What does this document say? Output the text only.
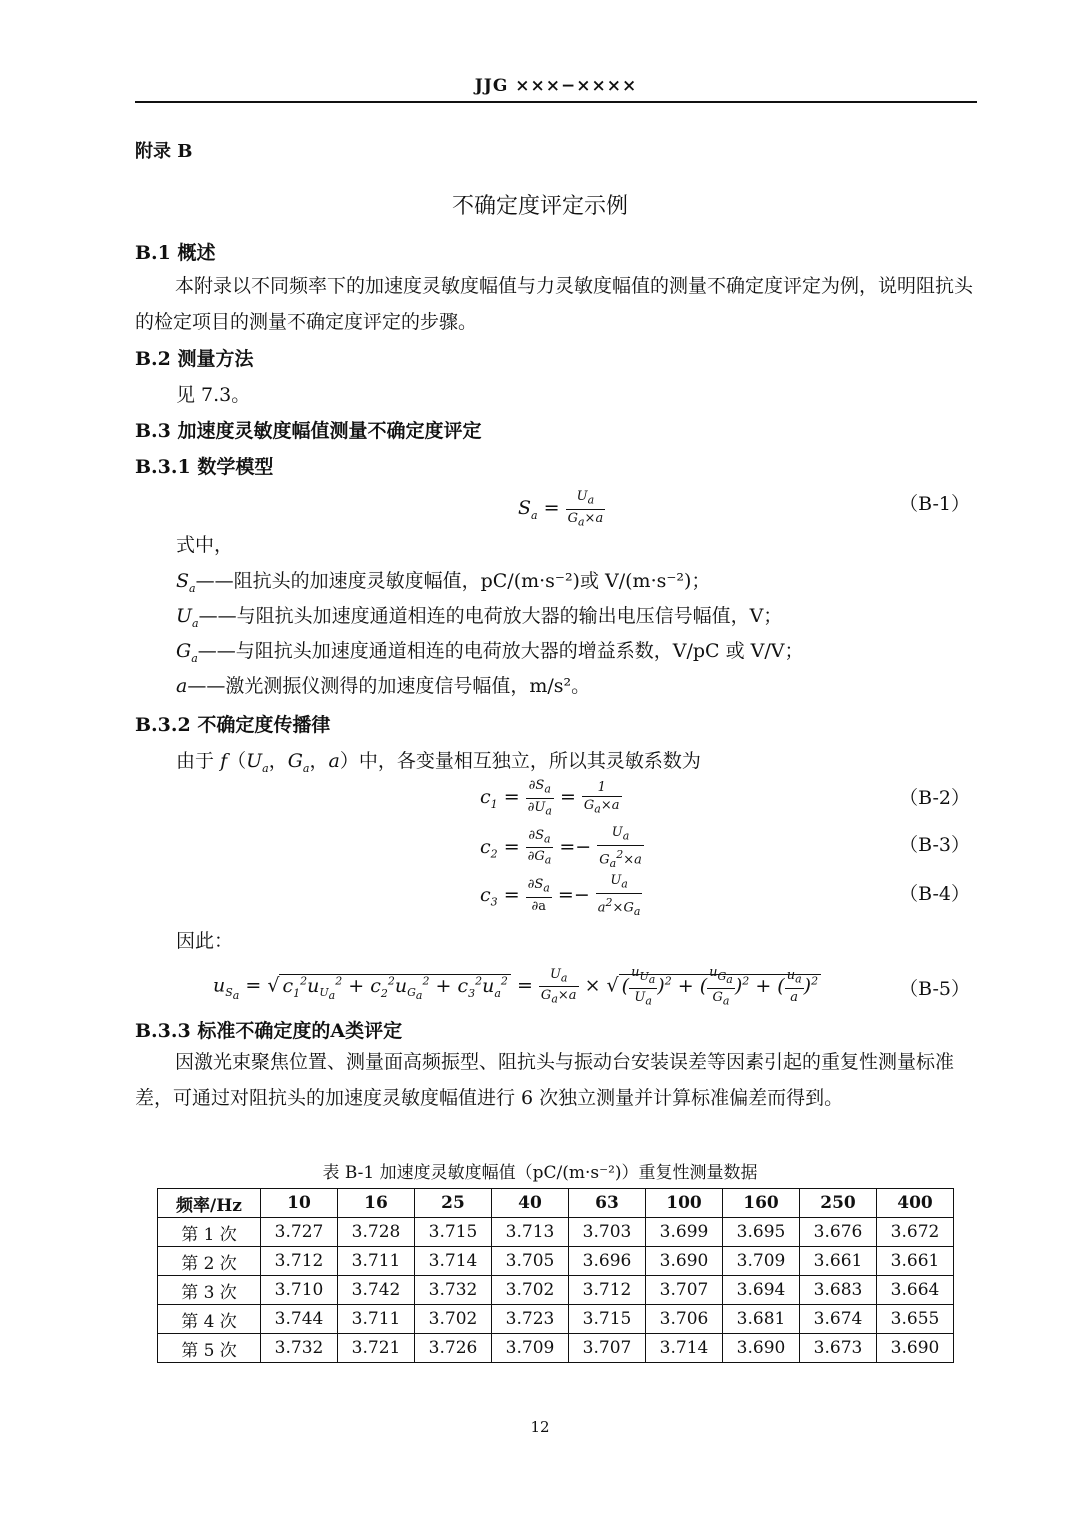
JJG ×××−××××
附录 B
不确定度评定示例
B.1 概述
本附录以不同频率下的加速度灵敏度幅值与力灵敏度幅值的测量不确定度评定为例，说明阻抗头的检定项目的测量不确定度评定的步骤。
B.2 测量方法
见 7.3。
B.3 加速度灵敏度幅值测量不确定度评定
B.3.1 数学模型
$S_a = \frac{U_a}{G_a\times a}$	（B-1）
式中，
$S_a——$阻抗头的加速度灵敏度幅值，pC/(m·s⁻²)或 V/(m·s⁻²)；
$U_a——$与阻抗头加速度通道相连的电荷放大器的输出电压信号幅值，V；
$G_a——$与阻抗头加速度通道相连的电荷放大器的增益系数，V/pC 或 V/V；
a——激光测振仪测得的加速度信号幅值，m/s²。
B.3.2 不确定度传播律
由于 $f(U_a$，$G_a$，a）中，各变量相互独立，所以其灵敏系数为
$c_1 = \frac{\partial S_a}{\partial U_a} = \frac{1}{G_a\times a}$	（B-2）
$c_2 = \frac{\partial S_a}{\partial G_a} =- \frac{U_a}{G_a^2\times a}$	（B-3）
$c_3 = \frac{\partial S_a}{\partial a} =- \frac{U_a}{a^2\times G_a}$	（B-4）
因此：
$u_{S_a}$ = √ $c_1^2u_{U_a}^2 + c_2^2u_{G_a}^2 + c_3^2u_a^2 = \frac{U_a}{G_a\times a}$ × √ ( $\frac{u_{U_a}}{U_a} )^2$ + ( $\frac{u_{G_a}}{G_a} )^2$ + ( $\frac{u_a}{a} )^2$	（B-5）
B.3.3 标准不确定度的A类评定
因激光束聚焦位置、测量面高频振型、阻抗头与振动台安装误差等因素引起的重复性测量标准差，可通过对阻抗头的加速度灵敏度幅值进行 6 次独立测量并计算标准偏差而得到。
表 B-1 加速度灵敏度幅值（pC/(m·s⁻²)）重复性测量数据
频率/Hz	10	16	25	40	63	100	160	250	400
第 1 次	3.727	3.728	3.715	3.713	3.703	3.699	3.695	3.676	3.672
第 2 次	3.712	3.711	3.714	3.705	3.696	3.690	3.709	3.661	3.661
第 3 次	3.710	3.742	3.732	3.702	3.712	3.707	3.694	3.683	3.664
第 4 次	3.744	3.711	3.702	3.723	3.715	3.706	3.681	3.674	3.655
第 5 次	3.732	3.721	3.726	3.709	3.707	3.714	3.690	3.673	3.690
12
